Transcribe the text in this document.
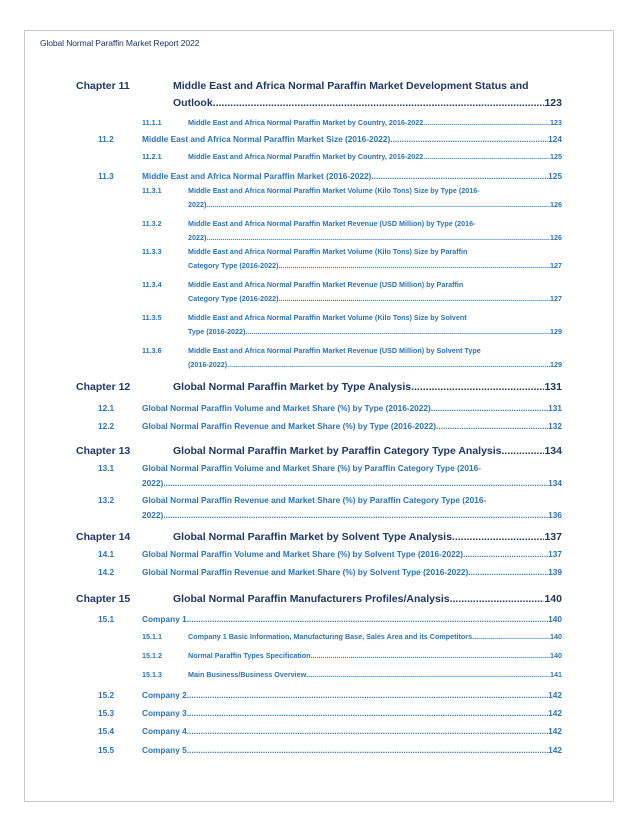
Global Normal Paraffin Market Report 2022
Chapter 11	Middle East and Africa Normal Paraffin Market Development Status and
Outlook .....	123
11.1.1	Middle East and Africa Normal Paraffin Market by Country, 2016-2022 .....	123
11.2	Middle East and Africa Normal Paraffin Market Size (2016-2022) .....	124
11.2.1	Middle East and Africa Normal Paraffin Market by Country, 2016-2022 .....	125
11.3	Middle East and Africa Normal Paraffin Market (2016-2022) .....	125
11.3.1	Middle East and Africa Normal Paraffin Market Volume (Kilo Tons) Size by Type (2016-
2022) .....	126
11.3.2	Middle East and Africa Normal Paraffin Market Revenue (USD Million) by Type (2016-
2022) .....	126
11.3.3	Middle East and Africa Normal Paraffin Market Volume (Kilo Tons) Size by Paraffin
Category Type (2016-2022) .....	127
11.3.4	Middle East and Africa Normal Paraffin Market Revenue (USD Million) by Paraffin
Category Type (2016-2022) .....	127
11.3.5	Middle East and Africa Normal Paraffin Market Volume (Kilo Tons) Size by Solvent
Type (2016-2022) .....	129
11.3.6	Middle East and Africa Normal Paraffin Market Revenue (USD Million) by Solvent Type
(2016-2022) .....	129
Chapter 12	Global Normal Paraffin Market by Type Analysis .....	131
12.1	Global Normal Paraffin Volume and Market Share (%) by Type (2016-2022) .....	131
12.2	Global Normal Paraffin Revenue and Market Share (%) by Type (2016-2022) .....	132
Chapter 13	Global Normal Paraffin Market by Paraffin Category Type Analysis .....	134
13.1	Global Normal Paraffin Volume and Market Share (%) by Paraffin Category Type (2016-
2022) .....	134
13.2	Global Normal Paraffin Revenue and Market Share (%) by Paraffin Category Type (2016-
2022) .....	136
Chapter 14	Global Normal Paraffin Market by Solvent Type Analysis .....	137
14.1	Global Normal Paraffin Volume and Market Share (%) by Solvent Type (2016-2022) .....	137
14.2	Global Normal Paraffin Revenue and Market Share (%) by Solvent Type (2016-2022) .....	139
Chapter 15	Global Normal Paraffin Manufacturers Profiles/Analysis .....	140
15.1	Company 1 .....	140
15.1.1	Company 1 Basic Information, Manufacturing Base, Sales Area and its Competitors .....	140
15.1.2	Normal Paraffin Types Specification .....	140
15.1.3	Main Business/Business Overview .....	141
15.2	Company 2 .....	142
15.3	Company 3 .....	142
15.4	Company 4 .....	142
15.5	Company 5 .....	142
